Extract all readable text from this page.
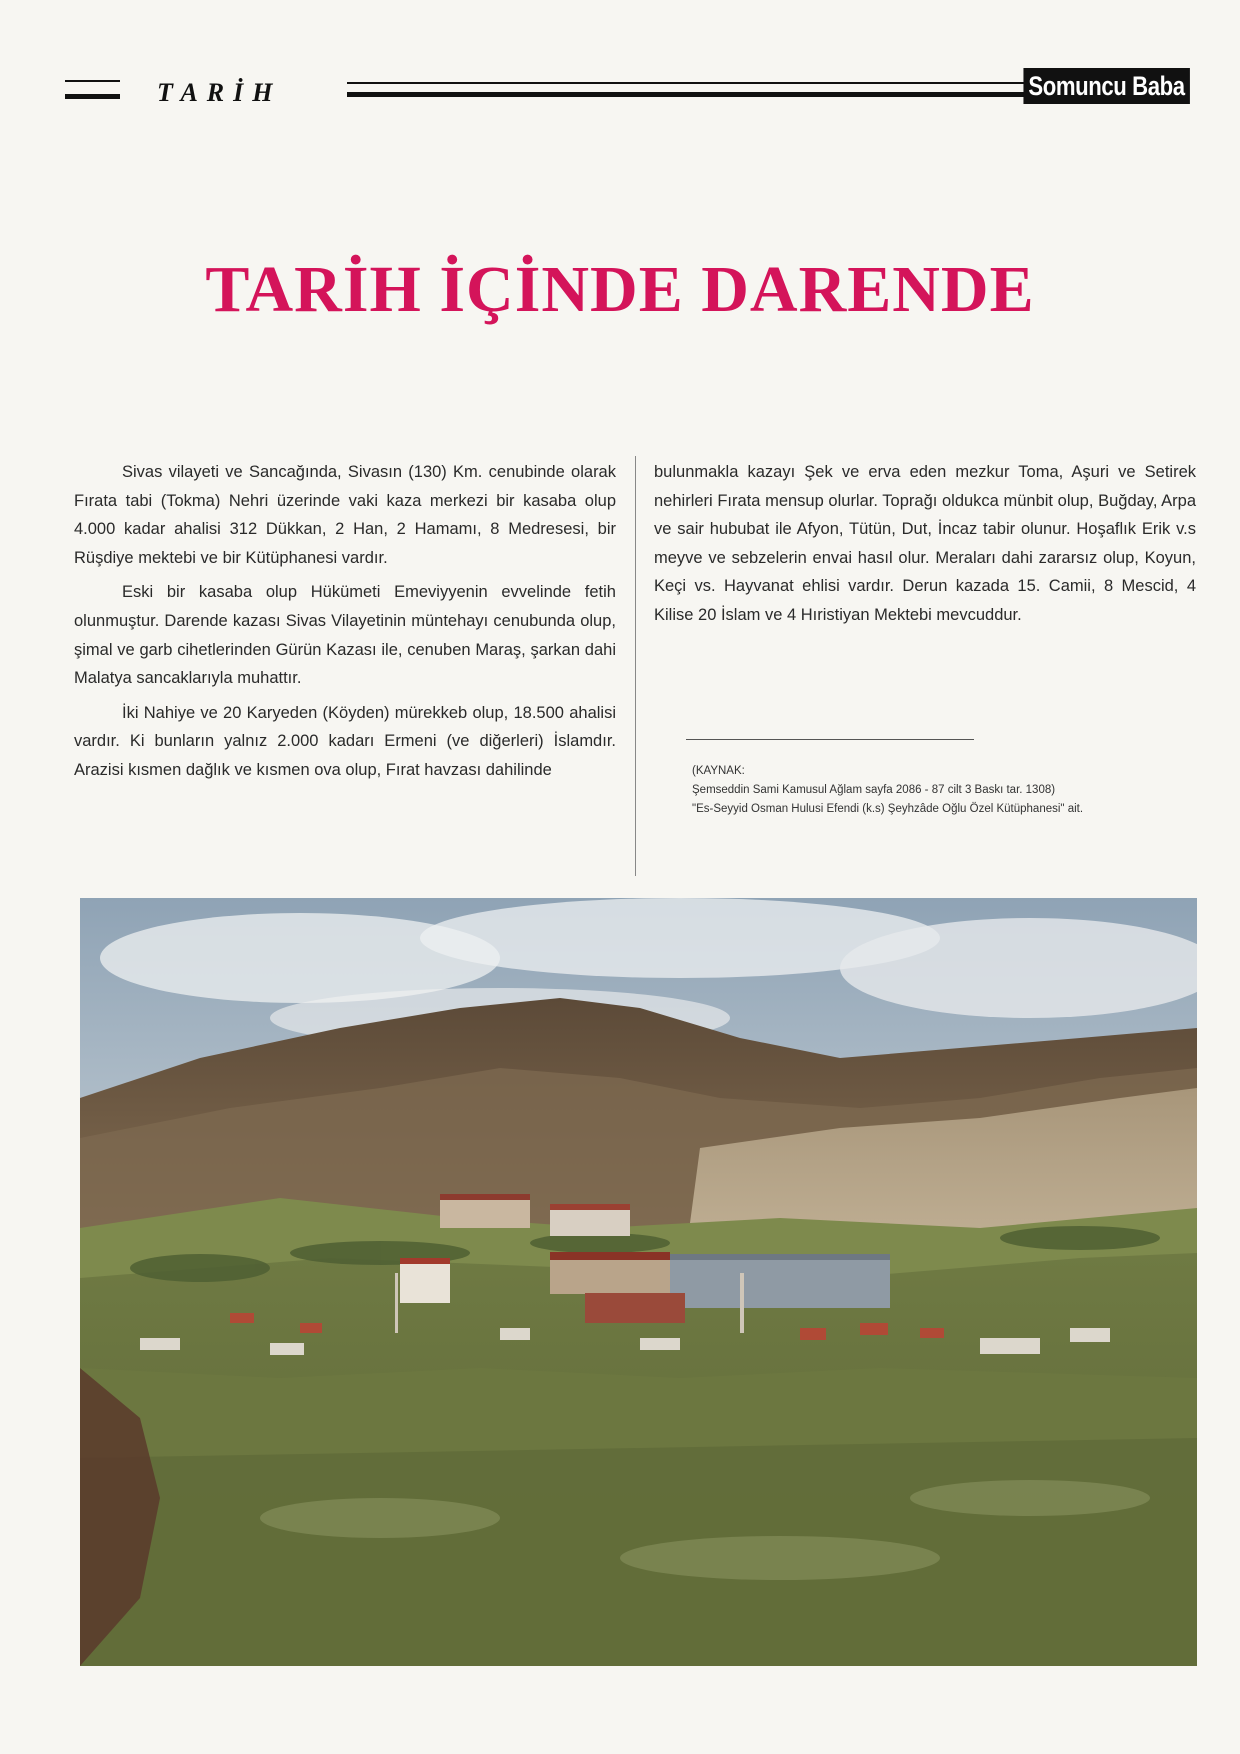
TARİH	Somuncu Baba
TARİH İÇİNDE DARENDE

Sivas vilayeti ve Sancağında, Sivasın (130) Km. cenubinde olarak Fırata tabi (Tokma) Nehri üzerinde vaki kaza merkezi bir kasaba olup 4.000 kadar ahalisi 312 Dükkan, 2 Han, 2 Hamamı, 8 Medresesi, bir Rüşdiye mektebi ve bir Kütüphanesi vardır.

Eski bir kasaba olup Hükümeti Emeviyyenin evvelinde fetih olunmuştur. Darende kazası Sivas Vilayetinin müntehayı cenubunda olup, şimal ve garb cihetlerinden Gürün Kazası ile, cenuben Maraş, şarkan dahi Malatya sancaklarıyla muhattır.

İki Nahiye ve 20 Karyeden (Köyden) mürekkeb olup, 18.500 ahalisi vardır. Ki bunların yalnız 2.000 kadarı Ermeni (ve diğerleri) İslamdır. Arazisi kısmen dağlık ve kısmen ova olup, Fırat havzası dahilinde

bulunmakla kazayı Şek ve erva eden mezkur Toma, Aşuri ve Setirek nehirleri Fırata mensup olurlar. Toprağı oldukca münbit olup, Buğday, Arpa ve sair hububat ile Afyon, Tütün, Dut, İncaz tabir olunur. Hoşaflık Erik v.s meyve ve sebzelerin envai hasıl olur. Meraları dahi zararsız olup, Koyun, Keçi vs. Hayvanat ehlisi vardır. Derun kazada 15. Camii, 8 Mescid, 4 Kilise 20 İslam ve 4 Hıristiyan Mektebi mevcuddur.

(KAYNAK:
Şemseddin Sami Kamusul Ağlam sayfa 2086 - 87 cilt 3 Baskı tar. 1308)
"Es-Seyyid Osman Hulusi Efendi (k.s) Şeyhzâde Oğlu Özel Kütüphanesi" ait.
